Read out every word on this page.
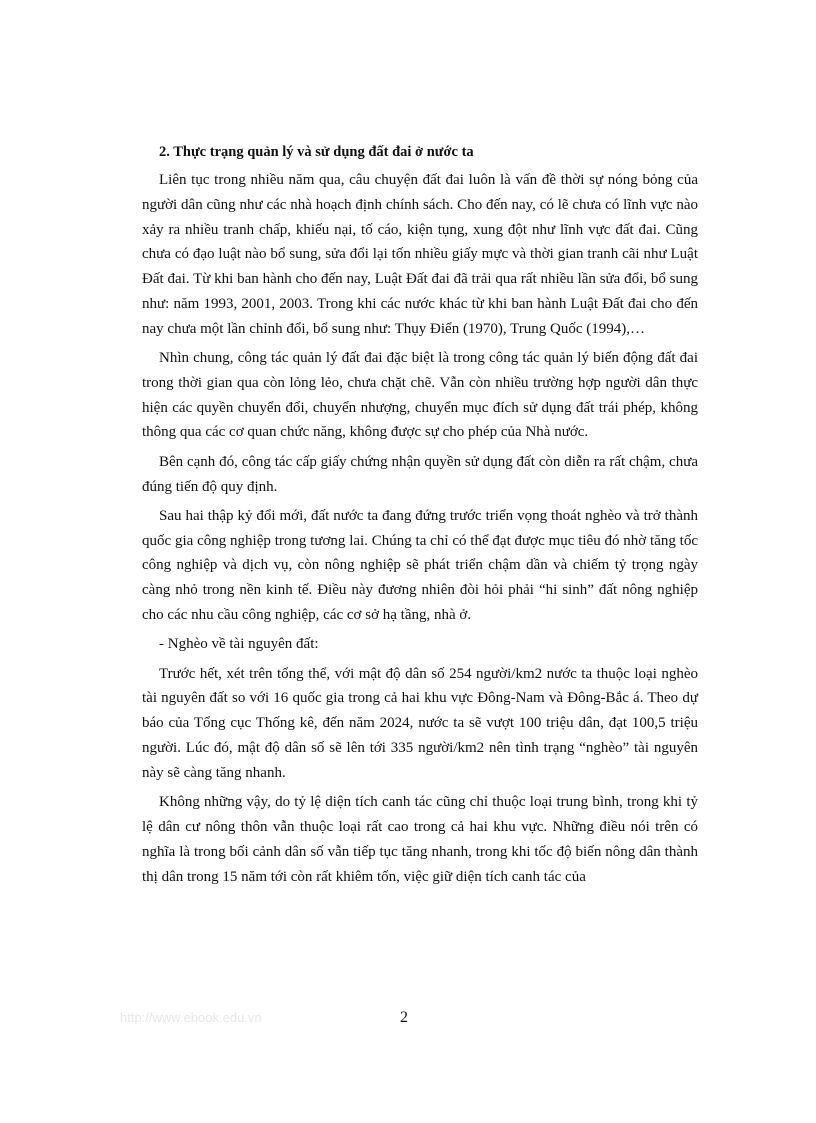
2. Thực trạng quản lý và sử dụng đất đai ở nước ta

Liên tục trong nhiều năm qua, câu chuyện đất đai luôn là vấn đề thời sự nóng bỏng của người dân cũng như các nhà hoạch định chính sách. Cho đến nay, có lẽ chưa có lĩnh vực nào xảy ra nhiều tranh chấp, khiếu nại, tố cáo, kiện tụng, xung đột như lĩnh vực đất đai. Cũng chưa có đạo luật nào bổ sung, sửa đổi lại tốn nhiều giấy mực và thời gian tranh cãi như Luật Đất đai. Từ khi ban hành cho đến nay, Luật Đất đai đã trải qua rất nhiều lần sửa đổi, bổ sung như: năm 1993, 2001, 2003. Trong khi các nước khác từ khi ban hành Luật Đất đai cho đến nay chưa một lần chỉnh đổi, bổ sung như: Thụy Điển (1970), Trung Quốc (1994),…

Nhìn chung, công tác quản lý đất đai đặc biệt là trong công tác quản lý biến động đất đai trong thời gian qua còn lỏng lẻo, chưa chặt chẽ. Vẫn còn nhiều trường hợp người dân thực hiện các quyền chuyển đổi, chuyển nhượng, chuyển mục đích sử dụng đất trái phép, không thông qua các cơ quan chức năng, không được sự cho phép của Nhà nước.

Bên cạnh đó, công tác cấp giấy chứng nhận quyền sử dụng đất còn diễn ra rất chậm, chưa đúng tiến độ quy định.

Sau hai thập kỷ đổi mới, đất nước ta đang đứng trước triển vọng thoát nghèo và trở thành quốc gia công nghiệp trong tương lai. Chúng ta chỉ có thể đạt được mục tiêu đó nhờ tăng tốc công nghiệp và dịch vụ, còn nông nghiệp sẽ phát triển chậm dần và chiếm tỷ trọng ngày càng nhỏ trong nền kinh tế. Điều này đương nhiên đòi hỏi phải “hi sinh” đất nông nghiệp cho các nhu cầu công nghiệp, các cơ sở hạ tầng, nhà ở.

- Nghèo về tài nguyên đất:

Trước hết, xét trên tổng thể, với mật độ dân số 254 người/km2 nước ta thuộc loại nghèo tài nguyên đất so với 16 quốc gia trong cả hai khu vực Đông-Nam và Đông-Bắc á. Theo dự báo của Tổng cục Thống kê, đến năm 2024, nước ta sẽ vượt 100 triệu dân, đạt 100,5 triệu người. Lúc đó, mật độ dân số sẽ lên tới 335 người/km2 nên tình trạng “nghèo” tài nguyên này sẽ càng tăng nhanh.

Không những vậy, do tỷ lệ diện tích canh tác cũng chỉ thuộc loại trung bình, trong khi tỷ lệ dân cư nông thôn vẫn thuộc loại rất cao trong cả hai khu vực. Những điều nói trên có nghĩa là trong bối cảnh dân số vẫn tiếp tục tăng nhanh, trong khi tốc độ biến nông dân thành thị dân trong 15 năm tới còn rất khiêm tốn, việc giữ diện tích canh tác của

http://www.ebook.edu.vn	2
